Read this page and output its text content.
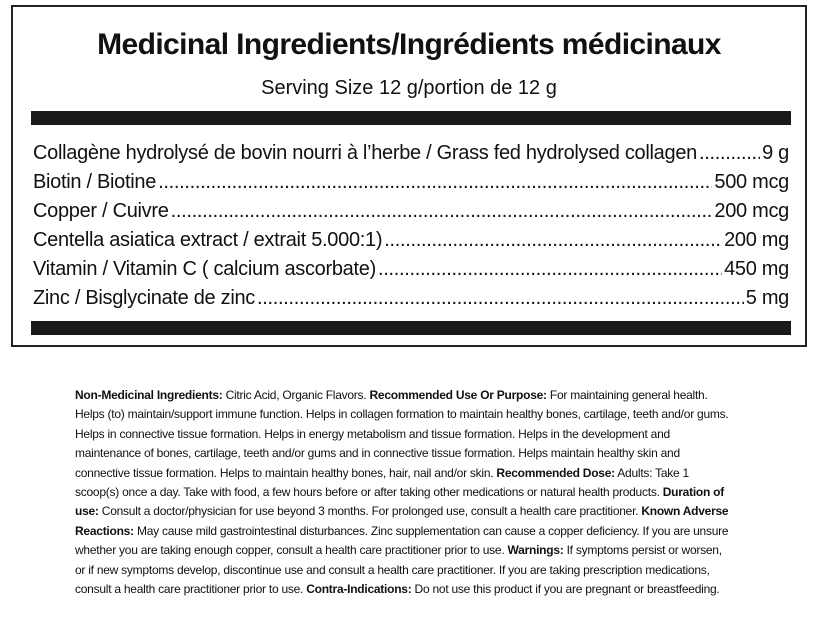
Medicinal Ingredients/Ingrédients médicinaux
Serving Size 12 g/portion de 12 g
Collagène hydrolysé de bovin nourri à l’herbe / Grass fed hydrolysed collagen .....	9 g
Biotin / Biotine .....	500 mcg
Copper / Cuivre .....	200 mcg
Centella asiatica extract / extrait 5.000:1) .....	200 mg
Vitamin / Vitamin C ( calcium ascorbate) .....	450 mg
Zinc / Bisglycinate de zinc .....	5 mg
Non-Medicinal Ingredients: Citric Acid, Organic Flavors. Recommended Use Or Purpose: For maintaining general health. Helps (to) maintain/support immune function. Helps in collagen formation to maintain healthy bones, cartilage, teeth and/or gums. Helps in connective tissue formation. Helps in energy metabolism and tissue formation. Helps in the development and maintenance of bones, cartilage, teeth and/or gums and in connective tissue formation. Helps maintain healthy skin and connective tissue formation. Helps to maintain healthy bones, hair, nail and/or skin. Recommended Dose: Adults: Take 1 scoop(s) once a day. Take with food, a few hours before or after taking other medications or natural health products. Duration of use: Consult a doctor/physician for use beyond 3 months. For prolonged use, consult a health care practitioner. Known Adverse Reactions: May cause mild gastrointestinal disturbances. Zinc supplementation can cause a copper deficiency. If you are unsure whether you are taking enough copper, consult a health care practitioner prior to use. Warnings: If symptoms persist or worsen, or if new symptoms develop, discontinue use and consult a health care practitioner. If you are taking prescription medications, consult a health care practitioner prior to use. Contra-Indications: Do not use this product if you are pregnant or breastfeeding.
